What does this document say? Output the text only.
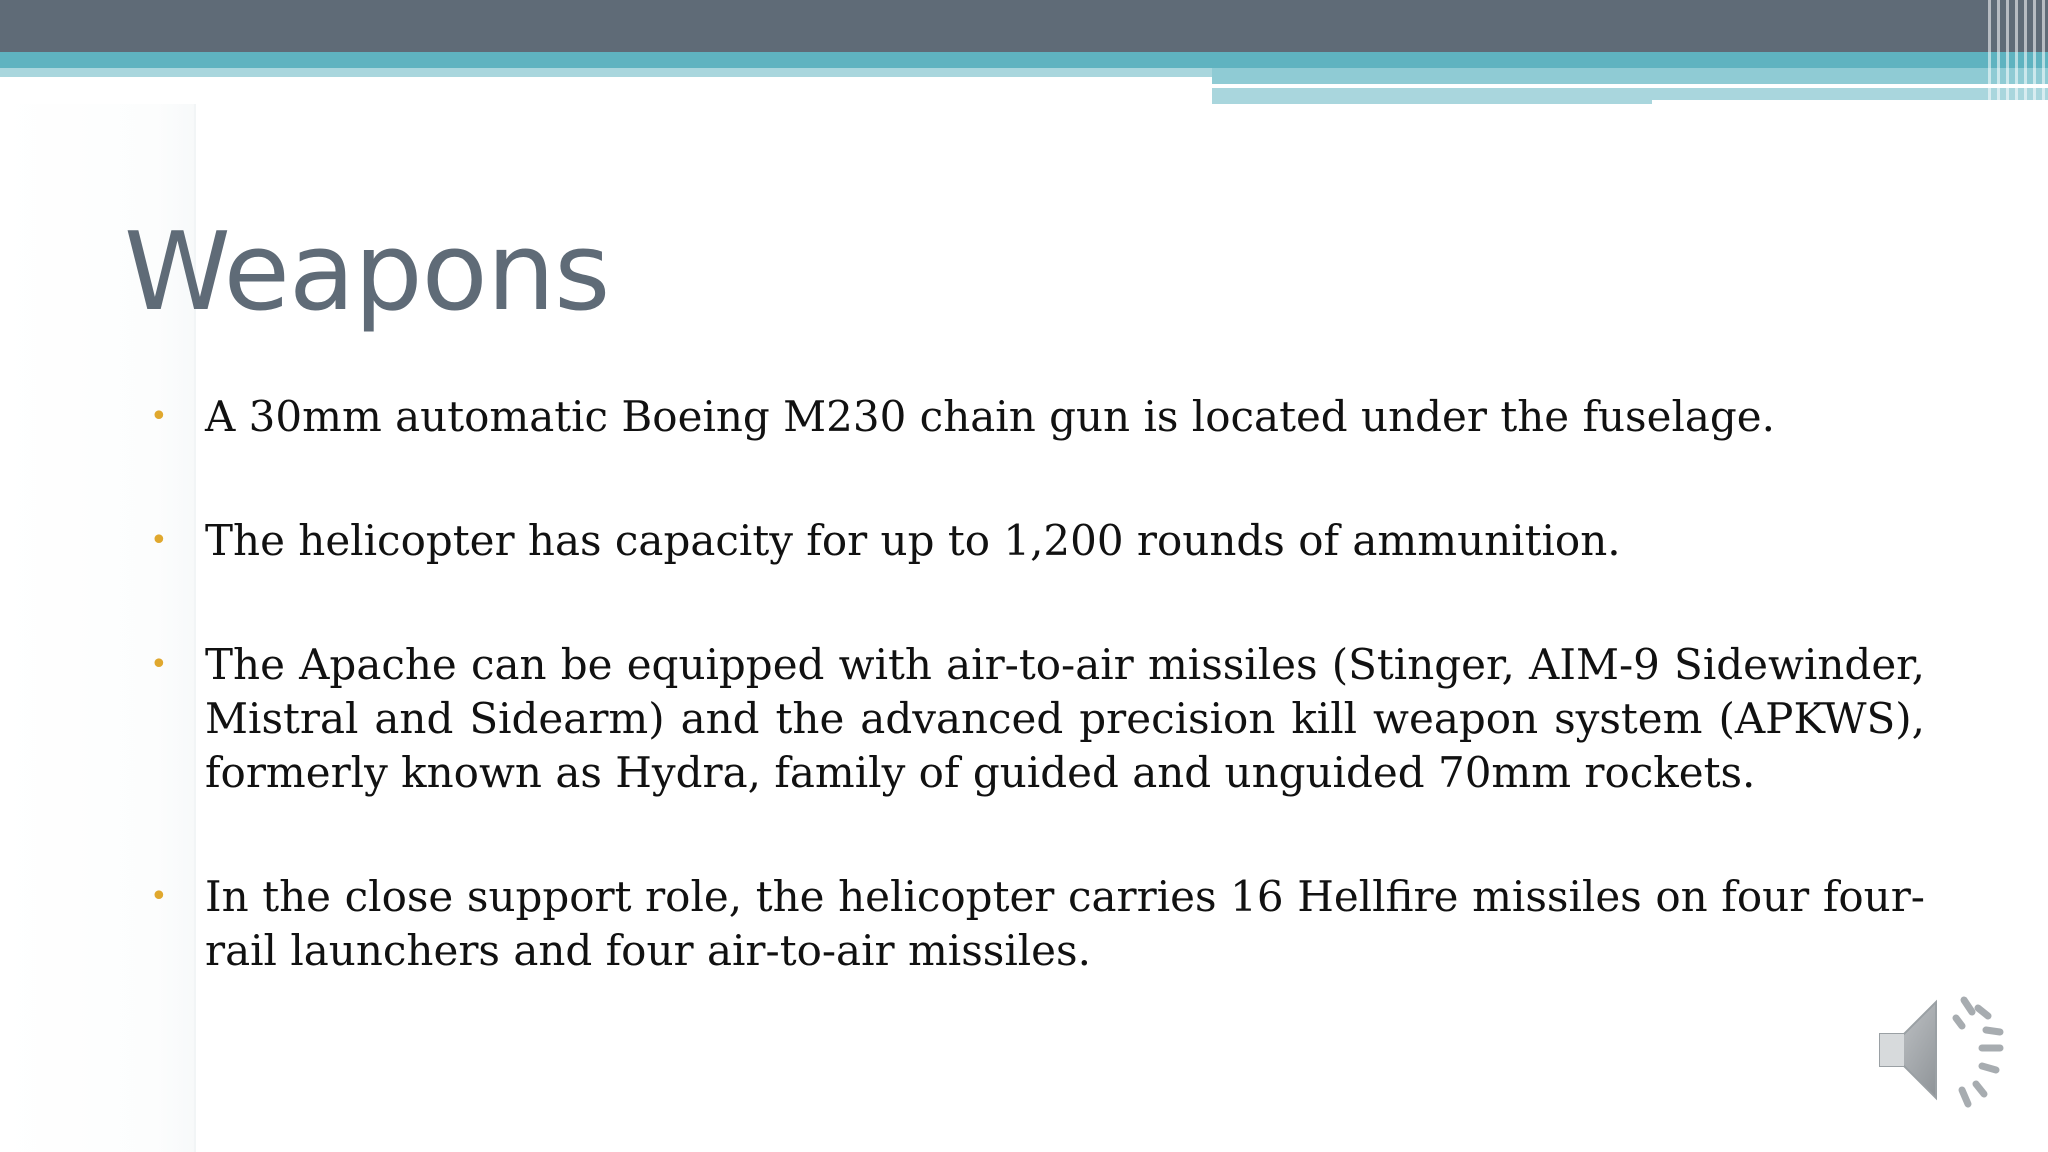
Weapons
• A 30mm automatic Boeing M230 chain gun is located under the fuselage.
• The helicopter has capacity for up to 1,200 rounds of ammunition.
• The Apache can be equipped with air-to-air missiles (Stinger, AIM-9 Sidewinder, Mistral and Sidearm) and the advanced precision kill weapon system (APKWS), formerly known as Hydra, family of guided and unguided 70mm rockets.
• In the close support role, the helicopter carries 16 Hellfire missiles on four four-rail launchers and four air-to-air missiles.
